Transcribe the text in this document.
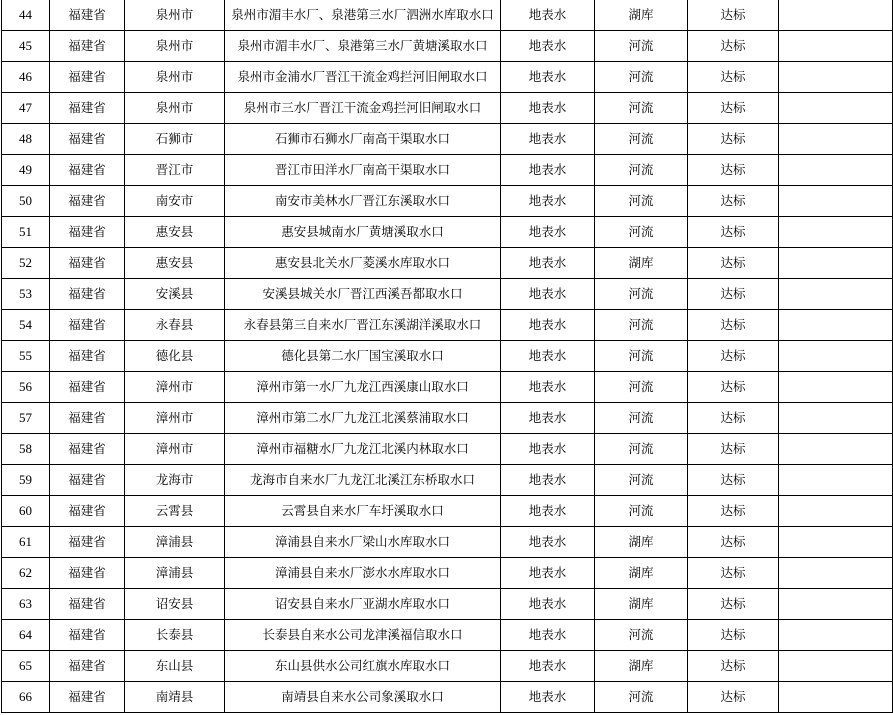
44	福建省	泉州市	泉州市湄丰水厂、泉港第三水厂泗洲水库取水口	地表水	湖库	达标	
45	福建省	泉州市	泉州市湄丰水厂、泉港第三水厂黄塘溪取水口	地表水	河流	达标	
46	福建省	泉州市	泉州市金浦水厂晋江干流金鸡拦河旧闸取水口	地表水	河流	达标	
47	福建省	泉州市	泉州市三水厂晋江干流金鸡拦河旧闸取水口	地表水	河流	达标	
48	福建省	石狮市	石狮市石狮水厂南高干渠取水口	地表水	河流	达标	
49	福建省	晋江市	晋江市田洋水厂南高干渠取水口	地表水	河流	达标	
50	福建省	南安市	南安市美林水厂晋江东溪取水口	地表水	河流	达标	
51	福建省	惠安县	惠安县城南水厂黄塘溪取水口	地表水	河流	达标	
52	福建省	惠安县	惠安县北关水厂菱溪水库取水口	地表水	湖库	达标	
53	福建省	安溪县	安溪县城关水厂晋江西溪吾都取水口	地表水	河流	达标	
54	福建省	永春县	永春县第三自来水厂晋江东溪湖洋溪取水口	地表水	河流	达标	
55	福建省	德化县	德化县第二水厂国宝溪取水口	地表水	河流	达标	
56	福建省	漳州市	漳州市第一水厂九龙江西溪康山取水口	地表水	河流	达标	
57	福建省	漳州市	漳州市第二水厂九龙江北溪蔡浦取水口	地表水	河流	达标	
58	福建省	漳州市	漳州市福糖水厂九龙江北溪内林取水口	地表水	河流	达标	
59	福建省	龙海市	龙海市自来水厂九龙江北溪江东桥取水口	地表水	河流	达标	
60	福建省	云霄县	云霄县自来水厂车圩溪取水口	地表水	河流	达标	
61	福建省	漳浦县	漳浦县自来水厂梁山水库取水口	地表水	湖库	达标	
62	福建省	漳浦县	漳浦县自来水厂澎水水库取水口	地表水	湖库	达标	
63	福建省	诏安县	诏安县自来水厂亚湖水库取水口	地表水	湖库	达标	
64	福建省	长泰县	长泰县自来水公司龙津溪福信取水口	地表水	河流	达标	
65	福建省	东山县	东山县供水公司红旗水库取水口	地表水	湖库	达标	
66	福建省	南靖县	南靖县自来水公司象溪取水口	地表水	河流	达标	
